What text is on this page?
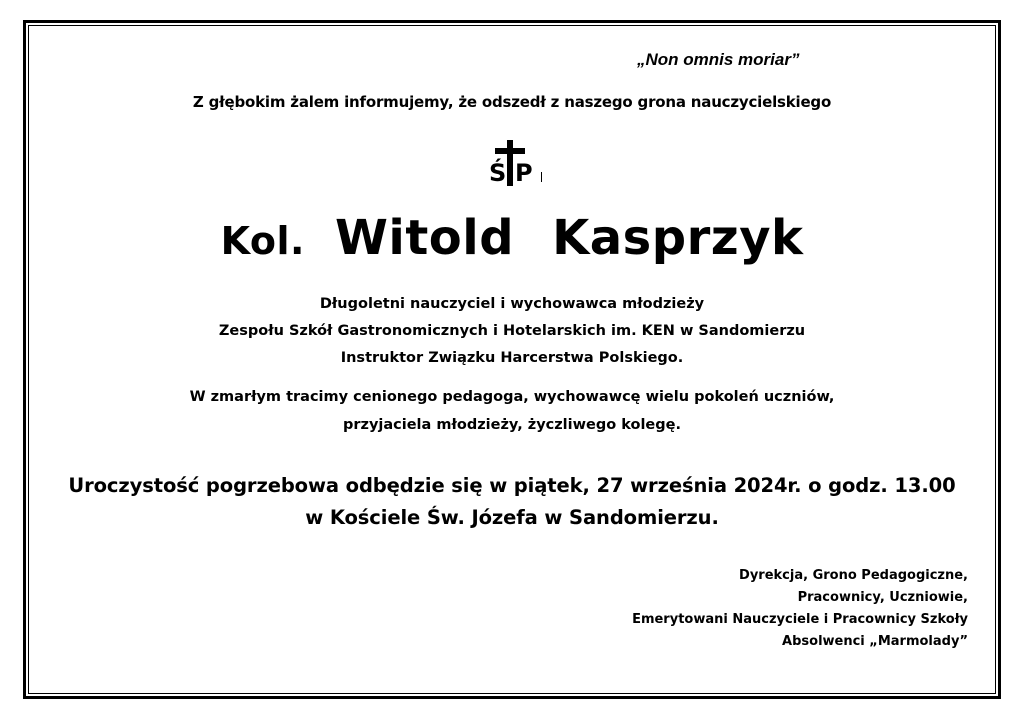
„Non omnis moriar”
Z głębokim żalem informujemy, że odszedł z naszego grona nauczycielskiego
Ś P
Kol. Witold Kasprzyk
Długoletni nauczyciel i wychowawca młodzieży
Zespołu Szkół Gastronomicznych i Hotelarskich im. KEN w Sandomierzu
Instruktor Związku Harcerstwa Polskiego.
W zmarłym tracimy cenionego pedagoga, wychowawcę wielu pokoleń uczniów,
przyjaciela młodzieży, życzliwego kolegę.
Uroczystość pogrzebowa odbędzie się w piątek, 27 września 2024r. o godz. 13.00
w Kościele Św. Józefa w Sandomierzu.
Dyrekcja, Grono Pedagogiczne,
Pracownicy, Uczniowie,
Emerytowani Nauczyciele i Pracownicy Szkoły
Absolwenci „Marmolady”
